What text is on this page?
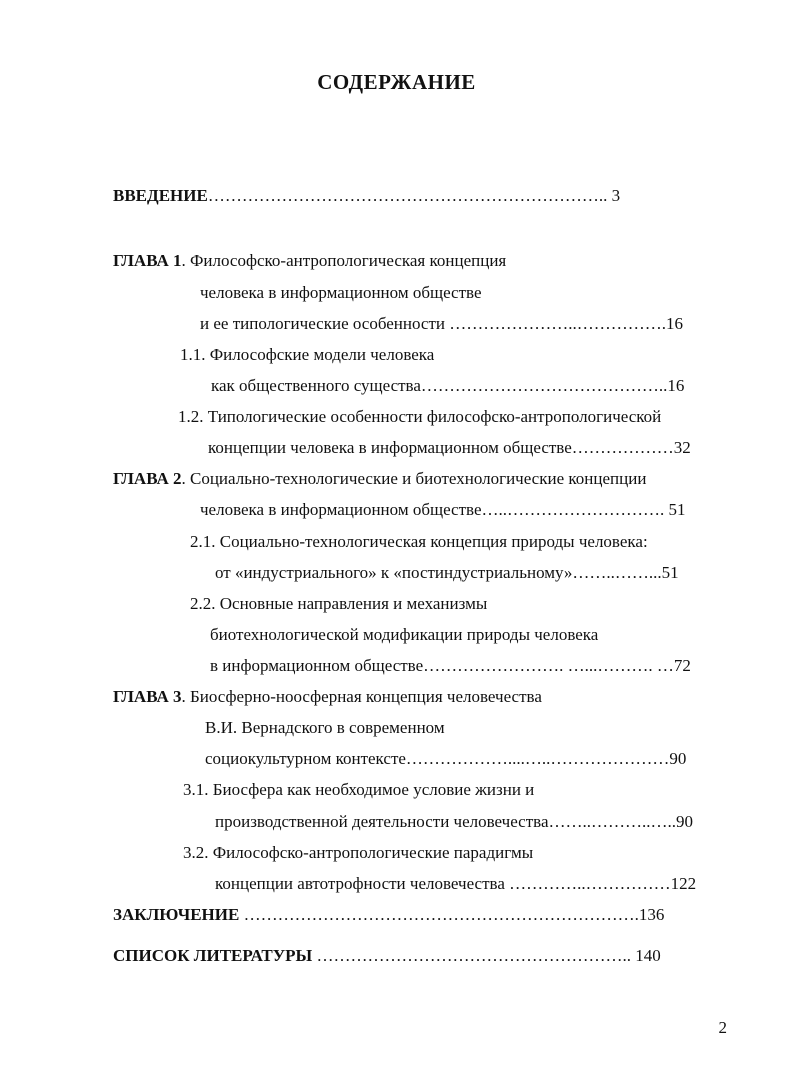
СОДЕРЖАНИЕ
ВВЕДЕНИЕ…………………………………………………………….. 3
ГЛАВА 1. Философско-антропологическая концепция
человека в информационном обществе
и ее типологические особенности …………………..…………….16
1.1. Философские модели человека
как общественного существа……………………………………..16
1.2. Типологические особенности философско-антропологической
концепции человека в информационном обществе………………32
ГЛАВА 2. Социально-технологические и биотехнологические концепции
человека в информационном обществе…..………………………. 51
2.1. Социально-технологическая концепция природы человека:
от «индустриального» к «постиндустриальному»……..……...51
2.2. Основные направления и механизмы
биотехнологической модификации природы человека
в информационном обществе……………………. …...………. …72
ГЛАВА 3. Биосферно-ноосферная концепция человечества
В.И. Вернадского в современном
социокультурном контексте………………....…..…………………90
3.1. Биосфера как необходимое условие жизни и
производственной деятельности человечества……..………..…..90
3.2. Философско-антропологические парадигмы
концепции автотрофности человечества …………..……………122
ЗАКЛЮЧЕНИЕ …………………………………………………………….136
СПИСОК ЛИТЕРАТУРЫ ……………………………………………….. 140
2
